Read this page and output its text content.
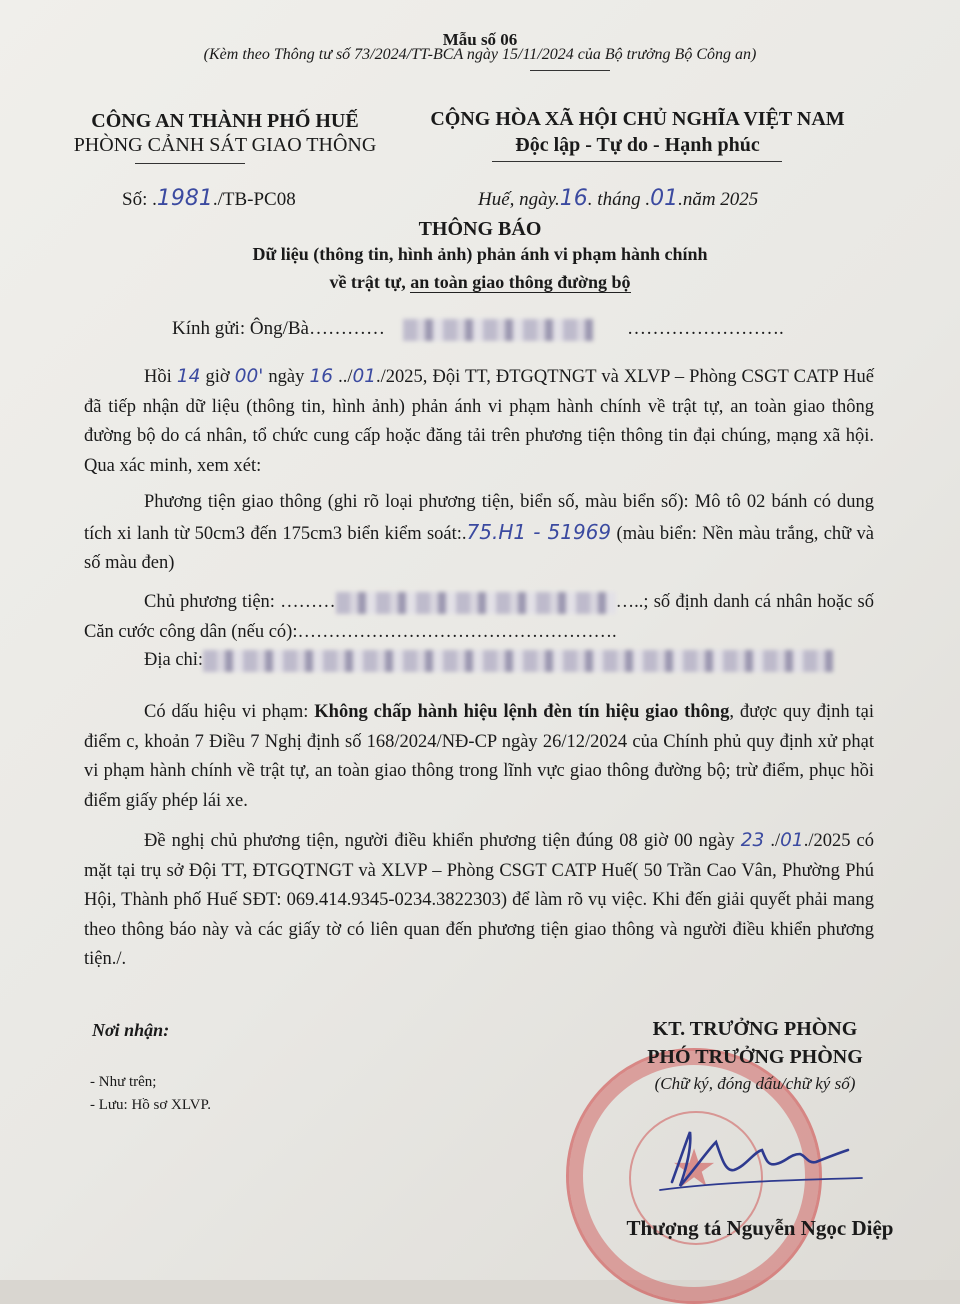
Mẫu số 06
(Kèm theo Thông tư số 73/2024/TT-BCA ngày 15/11/2024 của Bộ trưởng Bộ Công an)
CÔNG AN THÀNH PHỐ HUẾ
PHÒNG CẢNH SÁT GIAO THÔNG
CỘNG HÒA XÃ HỘI CHỦ NGHĨA VIỆT NAM
Độc lập - Tự do - Hạnh phúc
Số: .1981./TB-PC08	Huế, ngày.16. tháng .01.năm 2025
THÔNG BÁO
Dữ liệu (thông tin, hình ảnh) phản ánh vi phạm hành chính
về trật tự, an toàn giao thông đường bộ
Kính gửi: Ông/Bà…………	…………………….

Hồi 14 giờ 00' ngày 16 ../01./2025, Đội TT, ĐTGQTNGT và XLVP – Phòng CSGT CATP Huế đã tiếp nhận dữ liệu (thông tin, hình ảnh) phản ánh vi phạm hành chính về trật tự, an toàn giao thông đường bộ do cá nhân, tổ chức cung cấp hoặc đăng tải trên phương tiện thông tin đại chúng, mạng xã hội. Qua xác minh, xem xét:

Phương tiện giao thông (ghi rõ loại phương tiện, biển số, màu biển số): Mô tô 02 bánh có dung tích xi lanh từ 50cm3 đến 175cm3 biển kiểm soát:.75.H1 - 51969 (màu biển: Nền màu trắng, chữ và số màu đen)

Chủ phương tiện: ………	…..; số định danh cá nhân hoặc số Căn cước công dân (nếu có):…………………………………………….

Địa chỉ:

Có dấu hiệu vi phạm: Không chấp hành hiệu lệnh đèn tín hiệu giao thông, được quy định tại điểm c, khoản 7 Điều 7 Nghị định số 168/2024/NĐ-CP ngày 26/12/2024 của Chính phủ quy định xử phạt vi phạm hành chính về trật tự, an toàn giao thông trong lĩnh vực giao thông đường bộ; trừ điểm, phục hồi điểm giấy phép lái xe.

Đề nghị chủ phương tiện, người điều khiển phương tiện đúng 08 giờ 00 ngày 23 ./01./2025 có mặt tại trụ sở Đội TT, ĐTGQTNGT và XLVP – Phòng CSGT CATP Huế( 50 Trần Cao Vân, Phường Phú Hội, Thành phố Huế SĐT: 069.414.9345-0234.3822303) để làm rõ vụ việc. Khi đến giải quyết phải mang theo thông báo này và các giấy tờ có liên quan đến phương tiện giao thông và người điều khiển phương tiện./.

Nơi nhận:
- Như trên;
- Lưu: Hồ sơ XLVP.
★
KT. TRƯỞNG PHÒNG
PHÓ TRƯỞNG PHÒNG
(Chữ ký, đóng dấu/chữ ký số)
Thượng tá Nguyễn Ngọc Diệp
